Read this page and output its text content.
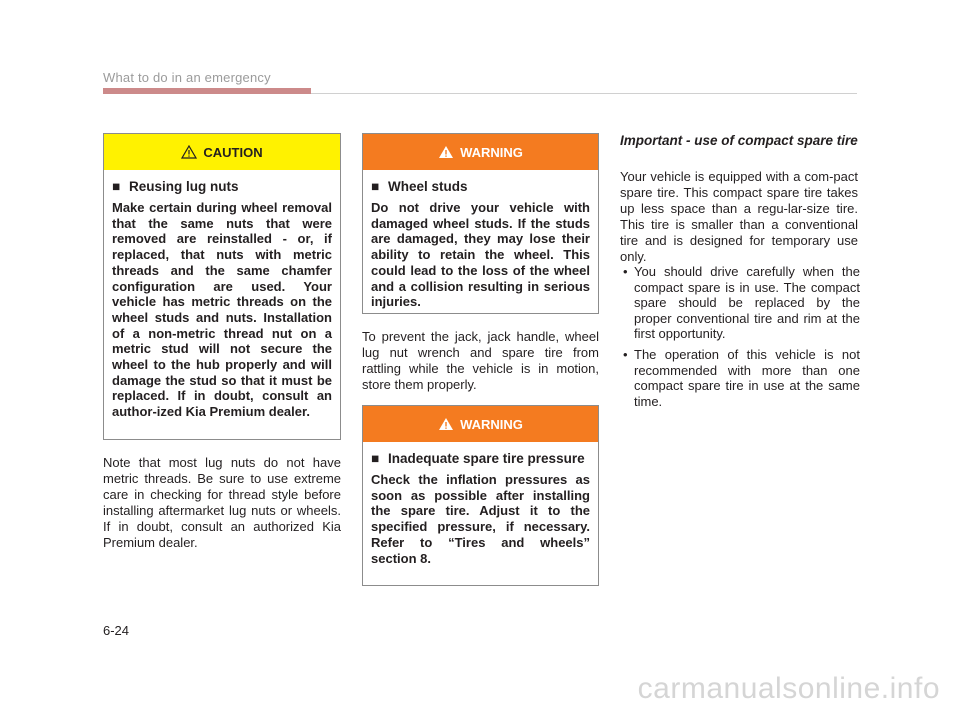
What to do in an emergency
CAUTION
■ Reusing lug nuts
Make certain during wheel removal that the same nuts that were removed are reinstalled - or, if replaced, that nuts with metric threads and the same chamfer configuration are used. Your vehicle has metric threads on the wheel studs and nuts. Installation of a non-metric thread nut on a metric stud will not secure the wheel to the hub properly and will damage the stud so that it must be replaced. If in doubt, consult an author-ized Kia Premium dealer.
Note that most lug nuts do not have metric threads. Be sure to use extreme care in checking for thread style before installing aftermarket lug nuts or wheels. If in doubt, consult an authorized Kia Premium dealer.
WARNING
■ Wheel studs
Do not drive your vehicle with damaged wheel studs. If the studs are damaged, they may lose their ability to retain the wheel. This could lead to the loss of the wheel and a collision resulting in serious injuries.
To prevent the jack, jack handle, wheel lug nut wrench and spare tire from rattling while the vehicle is in motion, store them properly.
WARNING
■ Inadequate spare tire pressure
Check the inflation pressures as soon as possible after installing the spare tire. Adjust it to the specified pressure, if necessary. Refer to “Tires and wheels” section 8.
Important - use of compact spare tire
Your vehicle is equipped with a com-pact spare tire. This compact spare tire takes up less space than a regu-lar-size tire. This tire is smaller than a conventional tire and is designed for temporary use only.
• You should drive carefully when the compact spare is in use. The compact spare should be replaced by the proper conventional tire and rim at the first opportunity.
• The operation of this vehicle is not recommended with more than one compact spare tire in use at the same time.
6-24
carmanualsonline.info
